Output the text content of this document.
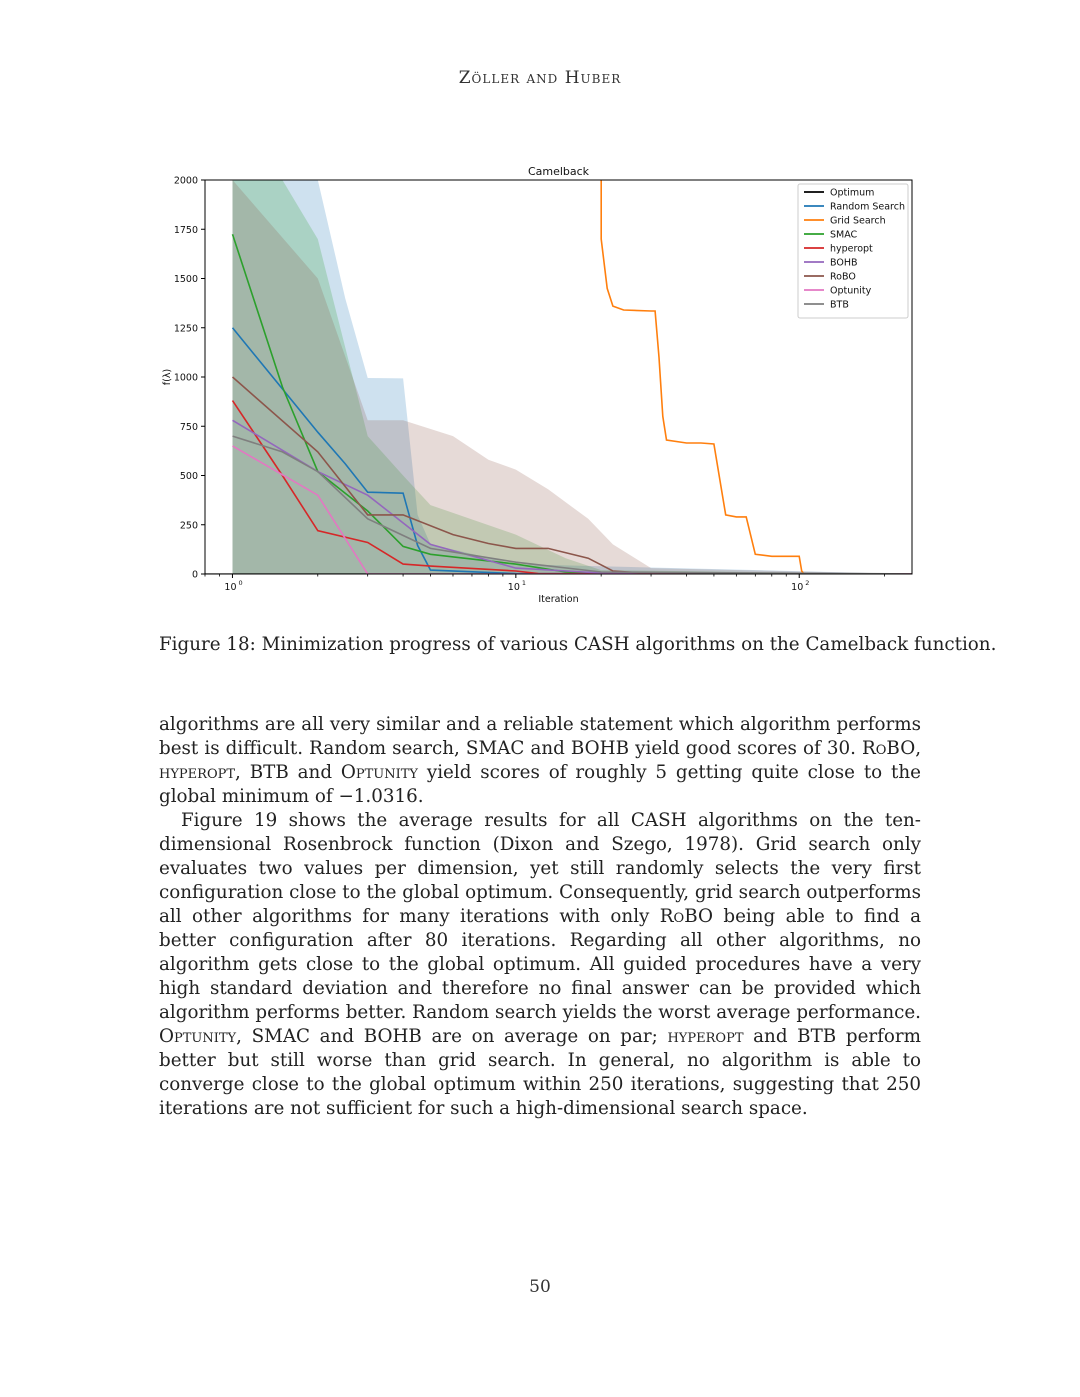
Zöller and Huber
0
250
500
750
1000
1250
1500
1750
2000
10 0	10 1	10 2
Camelback
Iteration
f(λ)
Optimum
Random Search
Grid Search
SMAC
hyperopt
BOHB
RoBO
Optunity
BTB
Figure 18: Minimization progress of various CASH algorithms on the Camelback function.

algorithms are all very similar and a reliable statement which algorithm performs best is difficult. Random search, SMAC and BOHB yield good scores of 30. RoBO, hyperopt, BTB and Optunity yield scores of roughly 5 getting quite close to the global minimum of −1.0316.

Figure 19 shows the average results for all CASH algorithms on the ten-dimensional Rosenbrock function (Dixon and Szego, 1978). Grid search only evaluates two values per dimension, yet still randomly selects the very first configuration close to the global optimum. Consequently, grid search outperforms all other algorithms for many iterations with only RoBO being able to find a better configuration after 80 iterations. Regarding all other algorithms, no algorithm gets close to the global optimum. All guided procedures have a very high standard deviation and therefore no final answer can be provided which algorithm performs better. Random search yields the worst average performance. Optunity, SMAC and BOHB are on average on par; hyperopt and BTB perform better but still worse than grid search. In general, no algorithm is able to converge close to the global optimum within 250 iterations, suggesting that 250 iterations are not sufficient for such a high-dimensional search space.

50
